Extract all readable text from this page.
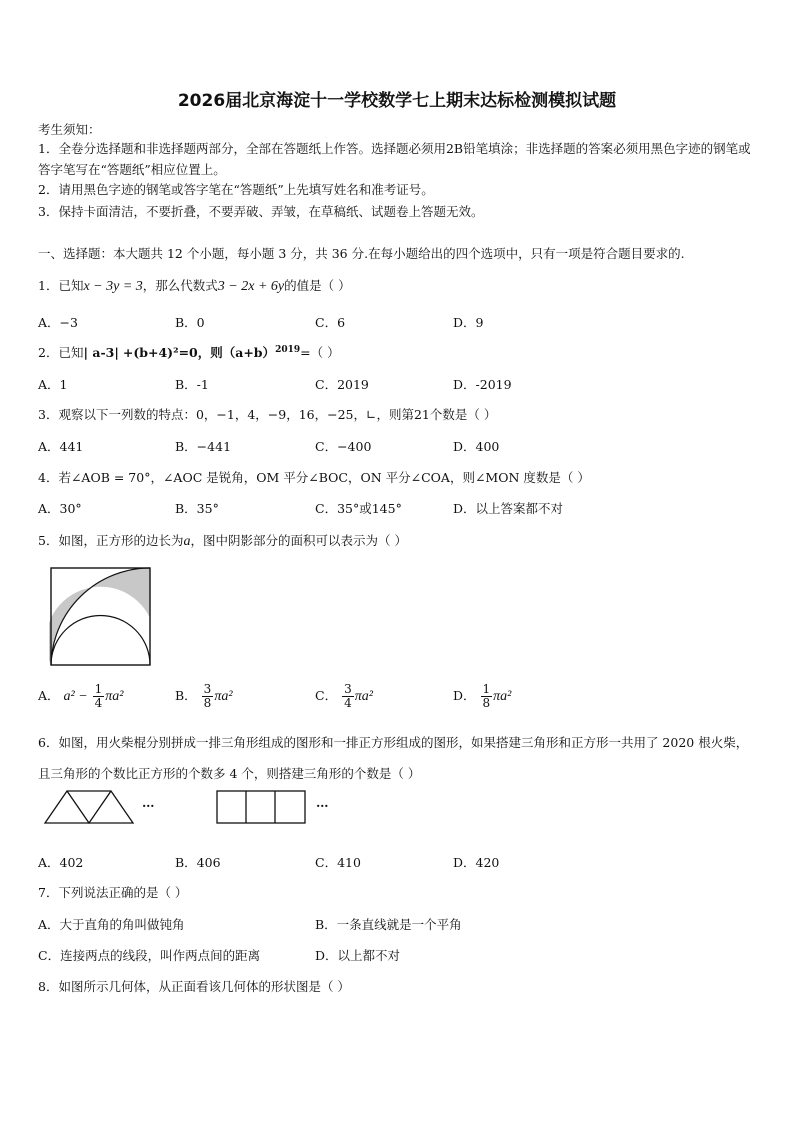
2026届北京海淀十一学校数学七上期末达标检测模拟试题
考生须知：
1．全卷分选择题和非选择题两部分，全部在答题纸上作答。选择题必须用2B铅笔填涂；非选择题的答案必须用黑色字迹的钢笔或答字笔写在“答题纸”相应位置上。
2．请用黑色字迹的钢笔或答字笔在“答题纸”上先填写姓名和准考证号。
3．保持卡面清洁，不要折叠，不要弄破、弄皱，在草稿纸、试题卷上答题无效。
一、选择题：本大题共 12 个小题，每小题 3 分，共 36 分.在每小题给出的四个选项中，只有一项是符合题目要求的.
1．已知x − 3y = 3，那么代数式3 − 2x + 6y的值是（ ）
A．−3	B．0	C．6	D．9
2．已知| a-3| +(b+4)²=0，则$(a+b)^{2019}=$（ ）
A．1	B．-1	C．2019	D．-2019
3．观察以下一列数的特点：0，−1，4，−9，16，−25，∟，则第21个数是（ ）
A．441	B．−441	C．−400	D．400
4．若∠AOB = 70°，∠AOC 是锐角，OM 平分∠BOC，ON 平分∠COA，则∠MON 度数是（ ）
A．30°	B．35°	C．35°或145°	D．以上答案都不对
5．如图，正方形的边长为a，图中阴影部分的面积可以表示为（ ）
A． $a^2 - \frac{1}{4} \pi a^2$	B． $\frac{3}{8} \pi a^2$	C． $\frac{3}{4} \pi a^2$	D． $\frac{1}{8} \pi a^2$
6．如图，用火柴棍分别拼成一排三角形组成的图形和一排正方形组成的图形，如果搭建三角形和正方形一共用了 2020 根火柴，且三角形的个数比正方形的个数多 4 个，则搭建三角形的个数是（ ）
…	…
A．402	B．406	C．410	D．420
7．下列说法正确的是（ ）
A．大于直角的角叫做钝角	B．一条直线就是一个平角
C．连接两点的线段，叫作两点间的距离	D．以上都不对
8．如图所示几何体，从正面看该几何体的形状图是（ ）
